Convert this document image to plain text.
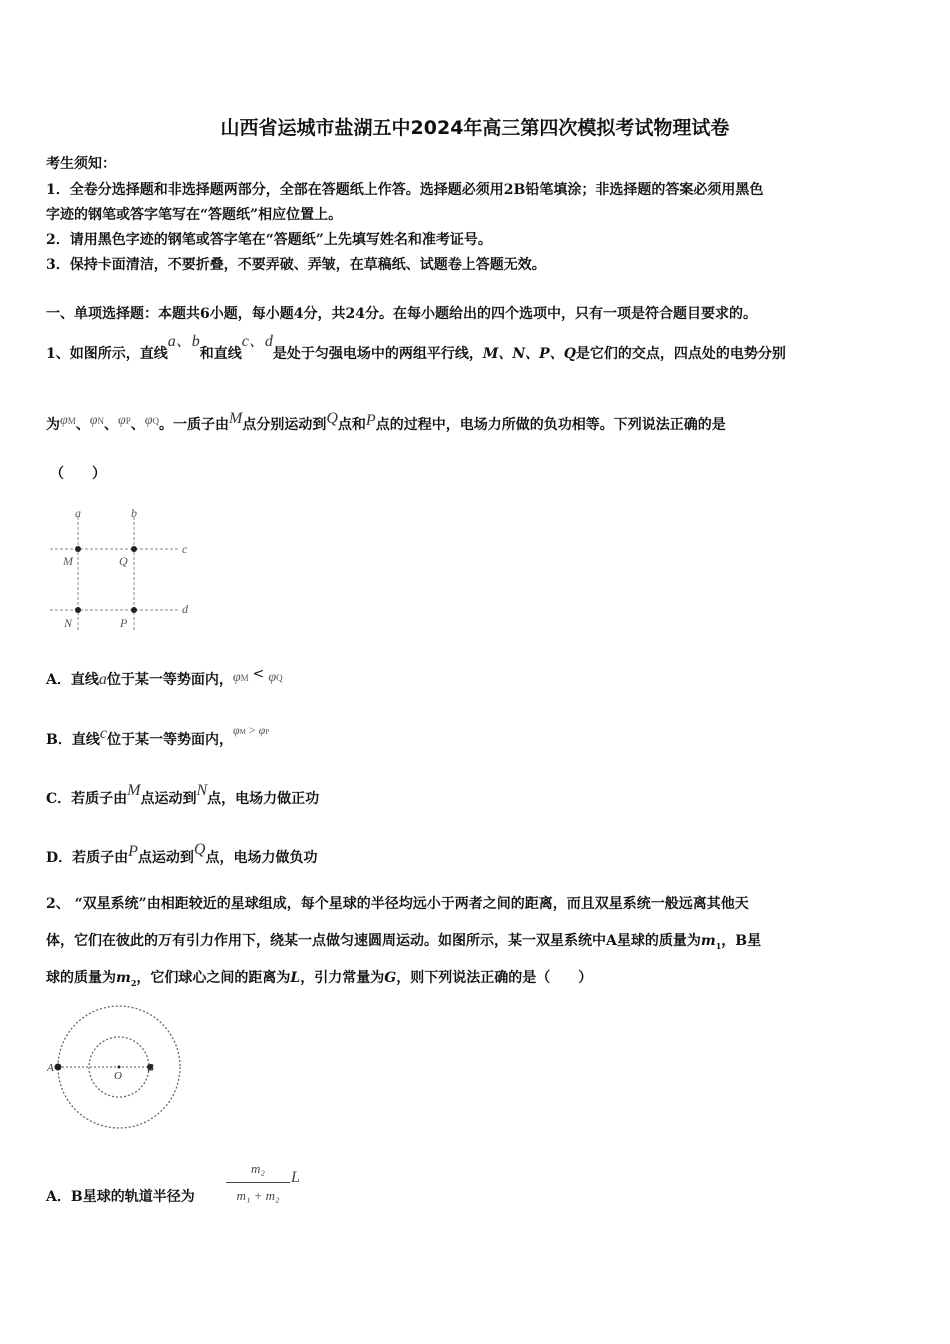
山西省运城市盐湖五中2024年高三第四次模拟考试物理试卷
考生须知：
1．全卷分选择题和非选择题两部分，全部在答题纸上作答。选择题必须用2B铅笔填涂；非选择题的答案必须用黑色
字迹的钢笔或答字笔写在“答题纸”相应位置上。
2．请用黑色字迹的钢笔或答字笔在“答题纸”上先填写姓名和准考证号。
3．保持卡面清洁，不要折叠，不要弄破、弄皱，在草稿纸、试题卷上答题无效。
一、单项选择题：本题共6小题，每小题4分，共24分。在每小题给出的四个选项中，只有一项是符合题目要求的。
1、如图所示，直线a、b和直线c、d是处于匀强电场中的两组平行线，M、N、P、Q是它们的交点，四点处的电势分别
为φM、φN、φP、φQ。一质子由M点分别运动到Q点和P点的过程中，电场力所做的负功相等。下列说法正确的是
（　　）
a	b
c
d
M	Q
N	P
A．直线a位于某一等势面内，φM < φQ
B．直线c位于某一等势面内，φM > φP
C．若质子由M点运动到N点，电场力做正功
D．若质子由P点运动到Q点，电场力做负功
2、 “双星系统”由相距较近的星球组成，每个星球的半径均远小于两者之间的距离，而且双星系统一般远离其他天
体，它们在彼此的万有引力作用下，绕某一点做匀速圆周运动。如图所示，某一双星系统中A星球的质量为$m_1$，B星
球的质量为$m_2$，它们球心之间的距离为L，引力常量为G，则下列说法正确的是（　　）
A
O
B
A．B星球的轨道半径为
m₂
m₁ + m₂
L
